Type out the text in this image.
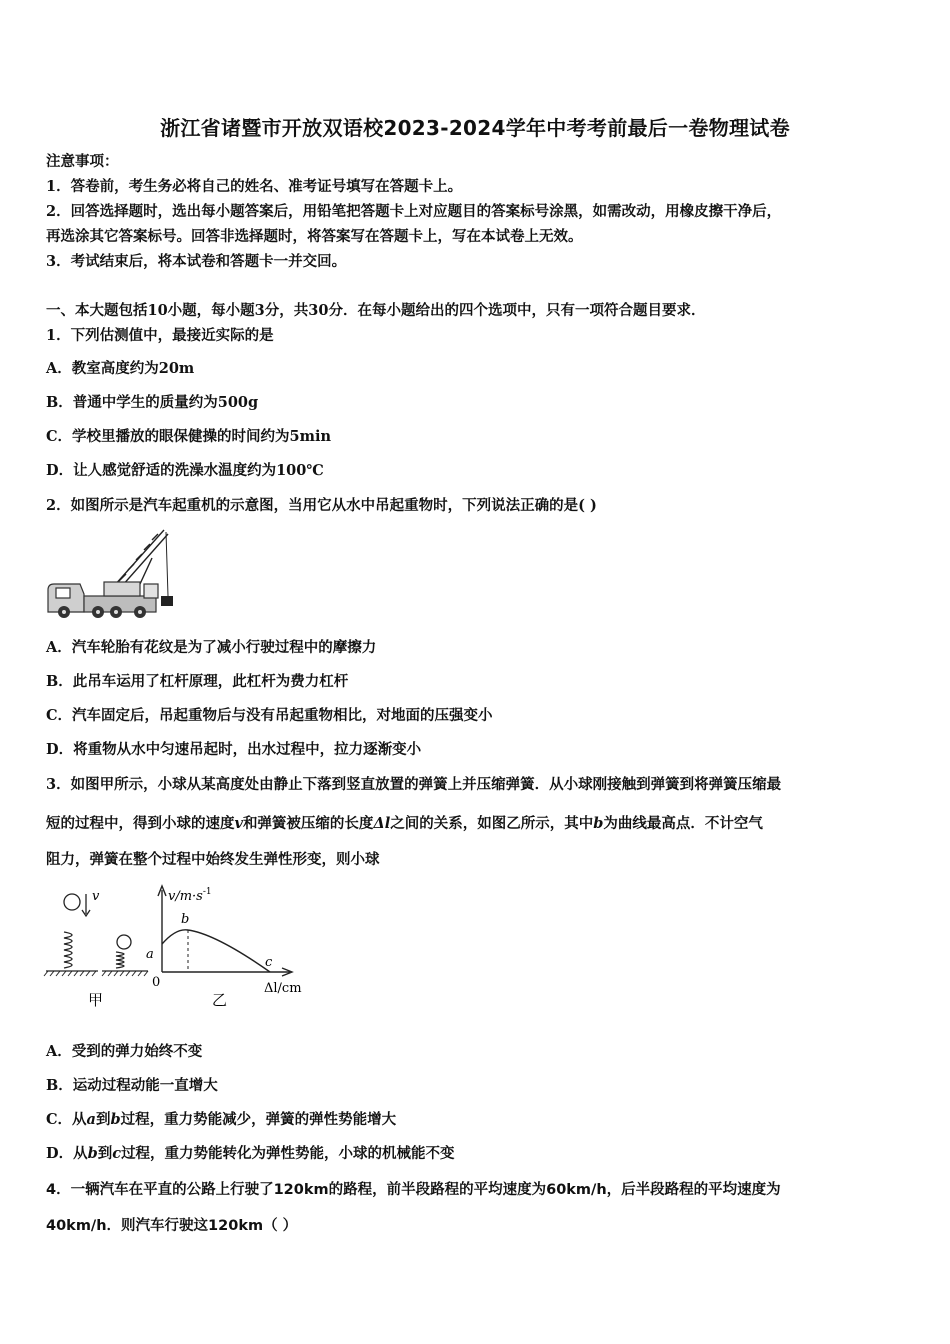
浙江省诸暨市开放双语校2023-2024学年中考考前最后一卷物理试卷
注意事项：
1．答卷前，考生务必将自己的姓名、准考证号填写在答题卡上。
2．回答选择题时，选出每小题答案后，用铅笔把答题卡上对应题目的答案标号涂黑，如需改动，用橡皮擦干净后，
再选涂其它答案标号。回答非选择题时，将答案写在答题卡上，写在本试卷上无效。
3．考试结束后，将本试卷和答题卡一并交回。
一、本大题包括10小题，每小题3分，共30分．在每小题给出的四个选项中，只有一项符合题目要求．
1．下列估测值中，最接近实际的是
A．教室高度约为20m
B．普通中学生的质量约为500g
C．学校里播放的眼保健操的时间约为5min
D．让人感觉舒适的洗澡水温度约为100℃
2．如图所示是汽车起重机的示意图，当用它从水中吊起重物时，下列说法正确的是( )
A．汽车轮胎有花纹是为了减小行驶过程中的摩擦力
B．此吊车运用了杠杆原理，此杠杆为费力杠杆
C．汽车固定后，吊起重物后与没有吊起重物相比，对地面的压强变小
D．将重物从水中匀速吊起时，出水过程中，拉力逐渐变小
3．如图甲所示，小球从某高度处由静止下落到竖直放置的弹簧上并压缩弹簧．从小球刚接触到弹簧到将弹簧压缩最
短的过程中，得到小球的速度v和弹簧被压缩的长度Δl之间的关系，如图乙所示，其中b为曲线最高点．不计空气
阻力，弹簧在整个过程中始终发生弹性形变，则小球
v	$v/m\cdot s^{-1}$
b
a
c
0	Δl/cm
甲	乙
A．受到的弹力始终不变
B．运动过程动能一直增大
C．从a到b过程，重力势能减少，弹簧的弹性势能增大
D．从b到c过程，重力势能转化为弹性势能，小球的机械能不变
4．一辆汽车在平直的公路上行驶了120km的路程，前半段路程的平均速度为60km/h，后半段路程的平均速度为
40km/h．则汽车行驶这120km（ ）
